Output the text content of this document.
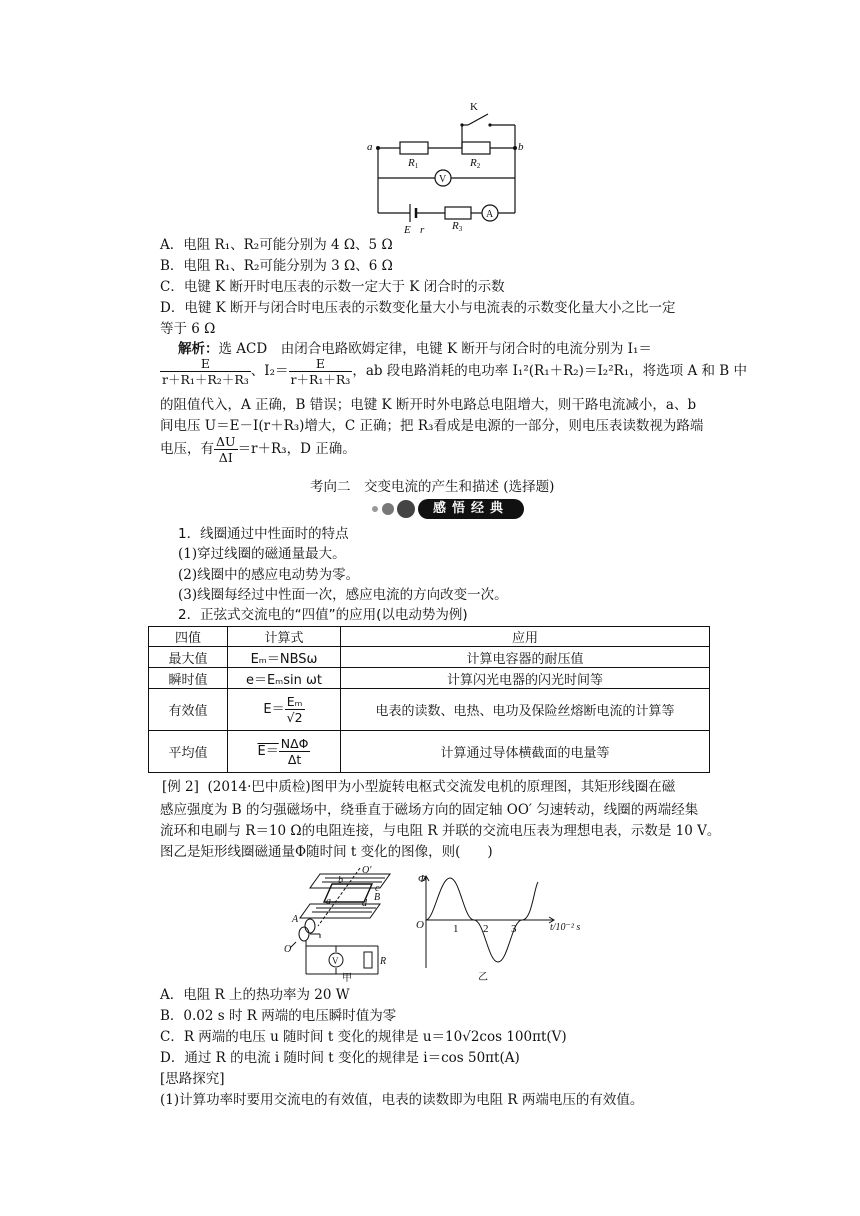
K
a	b
R1	R2
V
A
E r	R3
A．电阻 R₁、R₂可能分别为 4 Ω、5 Ω
B．电阻 R₁、R₂可能分别为 3 Ω、6 Ω
C．电键 K 断开时电压表的示数一定大于 K 闭合时的示数
D．电键 K 断开与闭合时电压表的示数变化量大小与电流表的示数变化量大小之比一定
等于 6 Ω
解析：选 ACD　由闭合电路欧姆定律，电键 K 断开与闭合时的电流分别为 I₁＝
$\frac{E}{\text{r＋R₁＋R₂＋R₃}}$ 、$I_2= \frac{E}{\text{r＋R₁＋R₃}}$ ，ab 段电路消耗的电功率 I₁²(R₁＋R₂)＝I₂²R₁，将选项 A 和 B 中
的阻值代入，A 正确，B 错误；电键 K 断开时外电路总电阻增大，则干路电流减小，a、b
间电压 U＝E－I(r＋R₃)增大，C 正确；把 R₃看成是电源的一部分，则电压表读数视为路端
电压，有 $\frac{\Delta U}{\Delta I} =r+R_3$，D 正确。
考向二　交变电流的产生和描述 (选择题)
感悟经典
1．线圈通过中性面时的特点
(1)穿过线圈的磁通量最大。
(2)线圈中的感应电动势为零。
(3)线圈每经过中性面一次，感应电流的方向改变一次。
2．正弦式交流电的“四值”的应用(以电动势为例)
四值	计算式	应用
最大值	Eₘ＝NBSω	计算电容器的耐压值
瞬时值	e＝Eₘsin ωt	计算闪光电器的闪光时间等
有效值	$E= \frac{\text{Eₘ}}{√2}$	电表的读数、电热、电功及保险丝熔断电流的计算等
平均值	$E= \frac{\text{NΔΦ}}{\Delta t}$	计算通过导体横截面的电量等
[例 2] (2014·巴中质检)图甲为小型旋转电枢式交流发电机的原理图，其矩形线圈在磁
感应强度为 B 的匀强磁场中，绕垂直于磁场方向的固定轴 OO′ 匀速转动，线圈的两端经集
流环和电刷与 R＝10 Ω的电阻连接，与电阻 R 并联的交流电压表为理想电表，示数是 10 V。
图乙是矩形线圈磁通量Φ随时间 t 变化的图像，则(　　)
O′
b
c
a	d
B
A
O
V	R
甲
Φ
O	1 2 3	t/10⁻² s
乙
A．电阻 R 上的热功率为 20 W
B．0.02 s 时 R 两端的电压瞬时值为零
C．R 两端的电压 u 随时间 t 变化的规律是 u＝10√2cos 100πt(V)
D．通过 R 的电流 i 随时间 t 变化的规律是 i＝cos 50πt(A)
[思路探究]
(1)计算功率时要用交流电的有效值，电表的读数即为电阻 R 两端电压的有效值。
